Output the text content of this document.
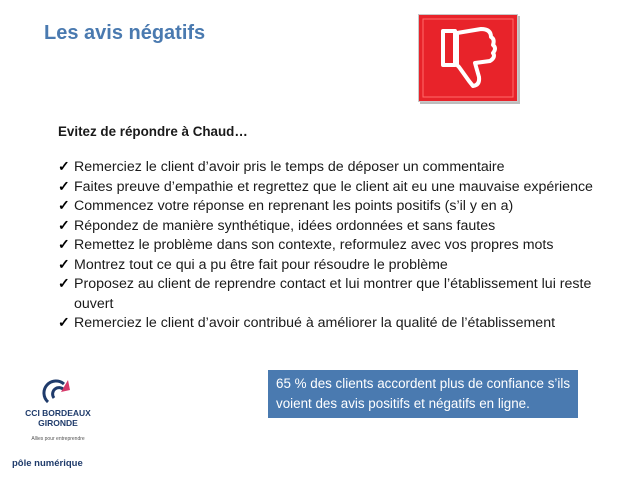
Les avis négatifs
Evitez de répondre à Chaud…
✓ Remerciez le client d’avoir pris le temps de déposer un commentaire
✓ Faites preuve d’empathie et regrettez que le client ait eu une mauvaise expérience
✓ Commencez votre réponse en reprenant les points positifs (s’il y en a)
✓ Répondez de manière synthétique, idées ordonnées et sans fautes
✓ Remettez le problème dans son contexte, reformulez avec vos propres mots
✓ Montrez tout ce qui a pu être fait pour résoudre le problème
✓ Proposez au client de reprendre contact et lui montrer que l’établissement lui reste ouvert
✓ Remerciez le client d’avoir contribué à améliorer la qualité de l’établissement
65 % des clients accordent plus de confiance s’ils voient des avis positifs et négatifs en ligne.
CCI BORDEAUX GIRONDE
Allies pour entreprendre
pôle numérique
